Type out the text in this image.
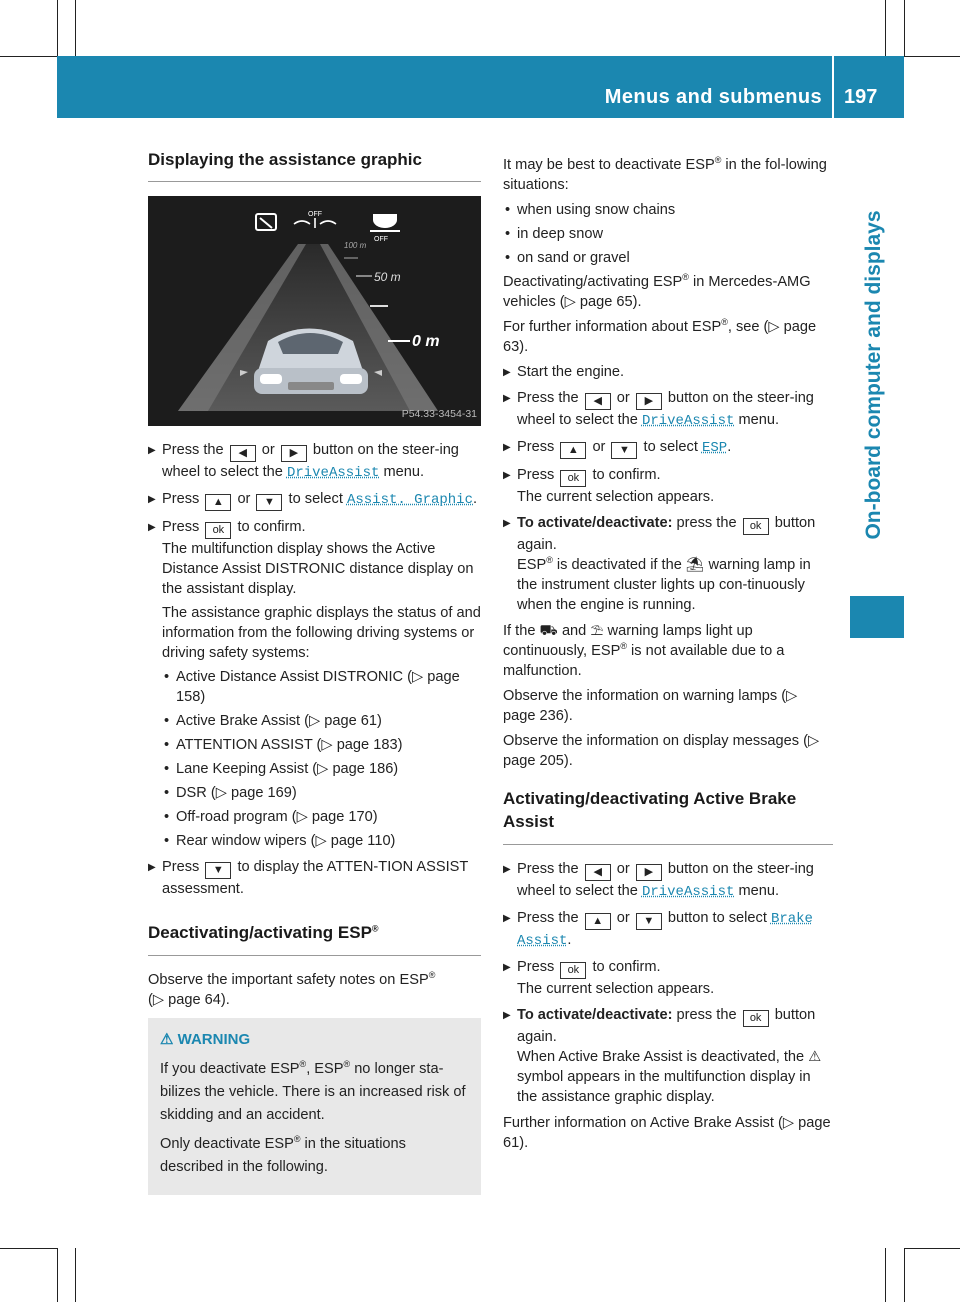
Menus and submenus 197
On-board computer and displays
Displaying the assistance graphic
100 m
50 m
0 m
OFF
OFF
P54.33-3454-31
▶ Press the ◀ or ▶ button on the steer-ing wheel to select the DriveAssist menu.
▶ Press ▲ or ▼ to select Assist. Graphic.
▶ Press ok to confirm.
The multifunction display shows the Active Distance Assist DISTRONIC distance display on the assistant display.
The assistance graphic displays the status of and information from the following driving systems or driving safety systems:
• Active Distance Assist DISTRONIC (▷ page 158)
• Active Brake Assist (▷ page 61)
• ATTENTION ASSIST (▷ page 183)
• Lane Keeping Assist (▷ page 186)
• DSR (▷ page 169)
• Off-road program (▷ page 170)
• Rear window wipers (▷ page 110)
▶ Press ▼ to display the ATTEN-TION ASSIST assessment.
Deactivating/activating ESP®

Observe the important safety notes on ESP®
(▷ page 64).

⚠ WARNING

If you deactivate ESP®, ESP® no longer sta-bilizes the vehicle. There is an increased risk of skidding and an accident.

Only deactivate ESP® in the situations described in the following.

It may be best to deactivate ESP® in the fol-lowing situations:

• when using snow chains
• in deep snow
• on sand or gravel

Deactivating/activating ESP® in Mercedes-AMG vehicles (▷ page 65).

For further information about ESP®, see (▷ page 63).

▶ Start the engine.
▶ Press the ◀ or ▶ button on the steer-ing wheel to select the DriveAssist menu.
▶ Press ▲ or ▼ to select ESP.
▶ Press ok to confirm.
The current selection appears.
▶ To activate/deactivate: press the ok button again.
ESP® is deactivated if the ⛱ warning lamp in the instrument cluster lights up con-tinuously when the engine is running.

If the ⛟ and ⛱ warning lamps light up continuously, ESP® is not available due to a malfunction.

Observe the information on warning lamps (▷ page 236).

Observe the information on display messages (▷ page 205).

Activating/deactivating Active Brake Assist
▶ Press the ◀ or ▶ button on the steer-ing wheel to select the DriveAssist menu.
▶ Press the ▲ or ▼ button to select Brake Assist.
▶ Press ok to confirm.
The current selection appears.
▶ To activate/deactivate: press the ok button again.
When Active Brake Assist is deactivated, the ⚠ symbol appears in the multifunction display in the assistance graphic display.

Further information on Active Brake Assist (▷ page 61).
